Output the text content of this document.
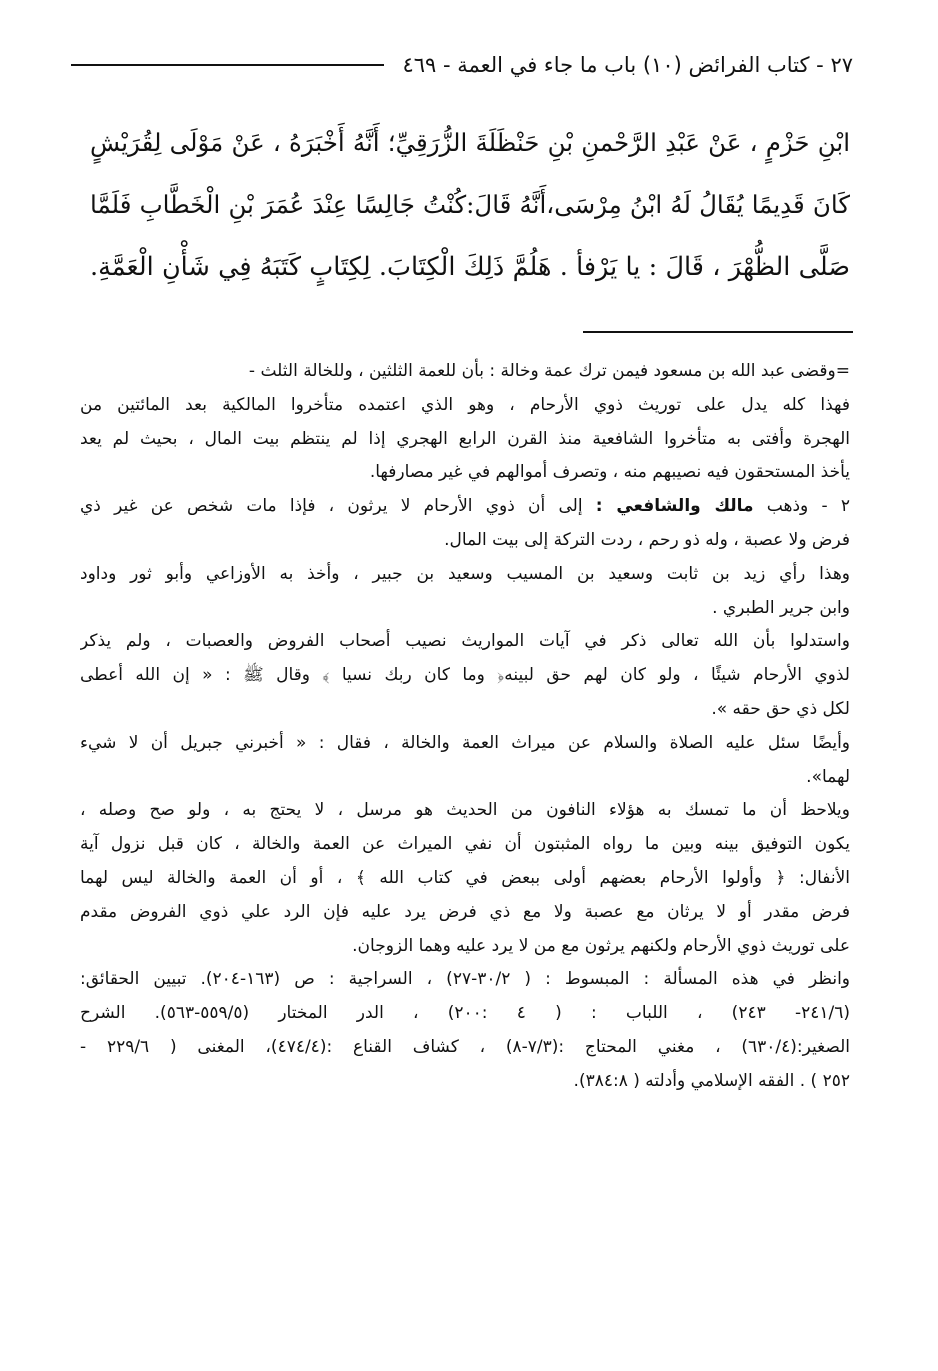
٢٧ - كتاب الفرائض (١٠) باب ما جاء في العمة - ٤٦٩
ابْنِ حَزْمٍ ، عَنْ عَبْدِ الرَّحْمنِ بْنِ حَنْظَلَةَ الزُّرَقِيِّ؛ أَنَّهُ أَخْبَرَهُ ، عَنْ مَوْلَى لِقُرَيْشٍ
كَانَ قَدِيمًا يُقَالُ لَهُ ابْنُ مِرْسَى،أَنَّهُ قَالَ:كُنْتُ جَالِسًا عِنْدَ عُمَرَ بْنِ الْخَطَّابِ فَلَمَّا
صَلَّى الظُّهْرَ ، قَالَ : يا يَرْفأ . هَلُمَّ ذَلِكَ الْكِتَابَ. لِكِتَابٍ كَتَبَهُ فِي شَأْنِ الْعَمَّةِ.
=وقضى عبد الله بن مسعود فيمن ترك عمة وخالة : بأن للعمة الثلثين ، وللخالة الثلث -
فهذا كله يدل على توريث ذوي الأرحام ، وهو الذي اعتمده متأخروا المالكية بعد المائتين من
الهجرة وأفتى به متأخروا الشافعية منذ القرن الرابع الهجري إذا لم ينتظم بيت المال ، بحيث لم يعد
يأخذ المستحقون فيه نصيبهم منه ، وتصرف أموالهم في غير مصارفها.
٢ - وذهب مالك والشافعي : إلى أن ذوي الأرحام لا يرثون ، فإذا مات شخص عن غير ذي
فرض ولا عصبة ، وله ذو رحم ، ردت التركة إلى بيت المال.
وهذا رأي زيد بن ثابت وسعيد بن المسيب وسعيد بن جبير ، وأخذ به الأوزاعي وأبو ثور وداود
وابن جرير الطبري .
واستدلوا بأن الله تعالى ذكر في آيات المواريث نصيب أصحاب الفروض والعصبات ، ولم يذكر
لذوي الأرحام شيئًا ، ولو كان لهم حق لبينه﴿ وما كان ربك نسيا ﴾ وقال ﷺ : « إن الله أعطى
لكل ذي حق حقه ».
وأيضًا سئل عليه الصلاة والسلام عن ميراث العمة والخالة ، فقال : « أخبرني جبريل أن لا شيء
لهما».
ويلاحظ أن ما تمسك به هؤلاء النافون من الحديث هو مرسل ، لا يحتج به ، ولو صح وصله ،
يكون التوفيق بينه وبين ما رواه المثبتون أن نفي الميراث عن العمة والخالة ، كان قبل نزول آية
الأنفال: ﴿ وأولوا الأرحام بعضهم أولى ببعض في كتاب الله ﴾ ، أو أن العمة والخالة ليس لهما
فرض مقدر أو لا يرثان مع عصبة ولا مع ذي فرض يرد عليه فإن الرد علي ذوي الفروض مقدم
على توريث ذوي الأرحام ولكنهم يرثون مع من لا يرد عليه وهما الزوجان.
وانظر في هذه المسألة : المبسوط : ( ٣٠/٢-٢٧) ، السراجية : ص (١٦٣-٢٠٤). تبيين الحقائق:
(٢٤١/٦- ٢٤٣) ، اللباب : ( ٤ :٢٠٠) ، الدر المختار (٥٥٩/٥-٥٦٣). الشرح
الصغير:(٦٣٠/٤) ، مغني المحتاج :(٧/٣-٨) ، كشاف القناع :(٤٧٤/٤)، المغنى ( ٢٢٩/٦ -
٢٥٢ ) . الفقه الإسلامي وأدلته ( ٣٨٤:٨).
